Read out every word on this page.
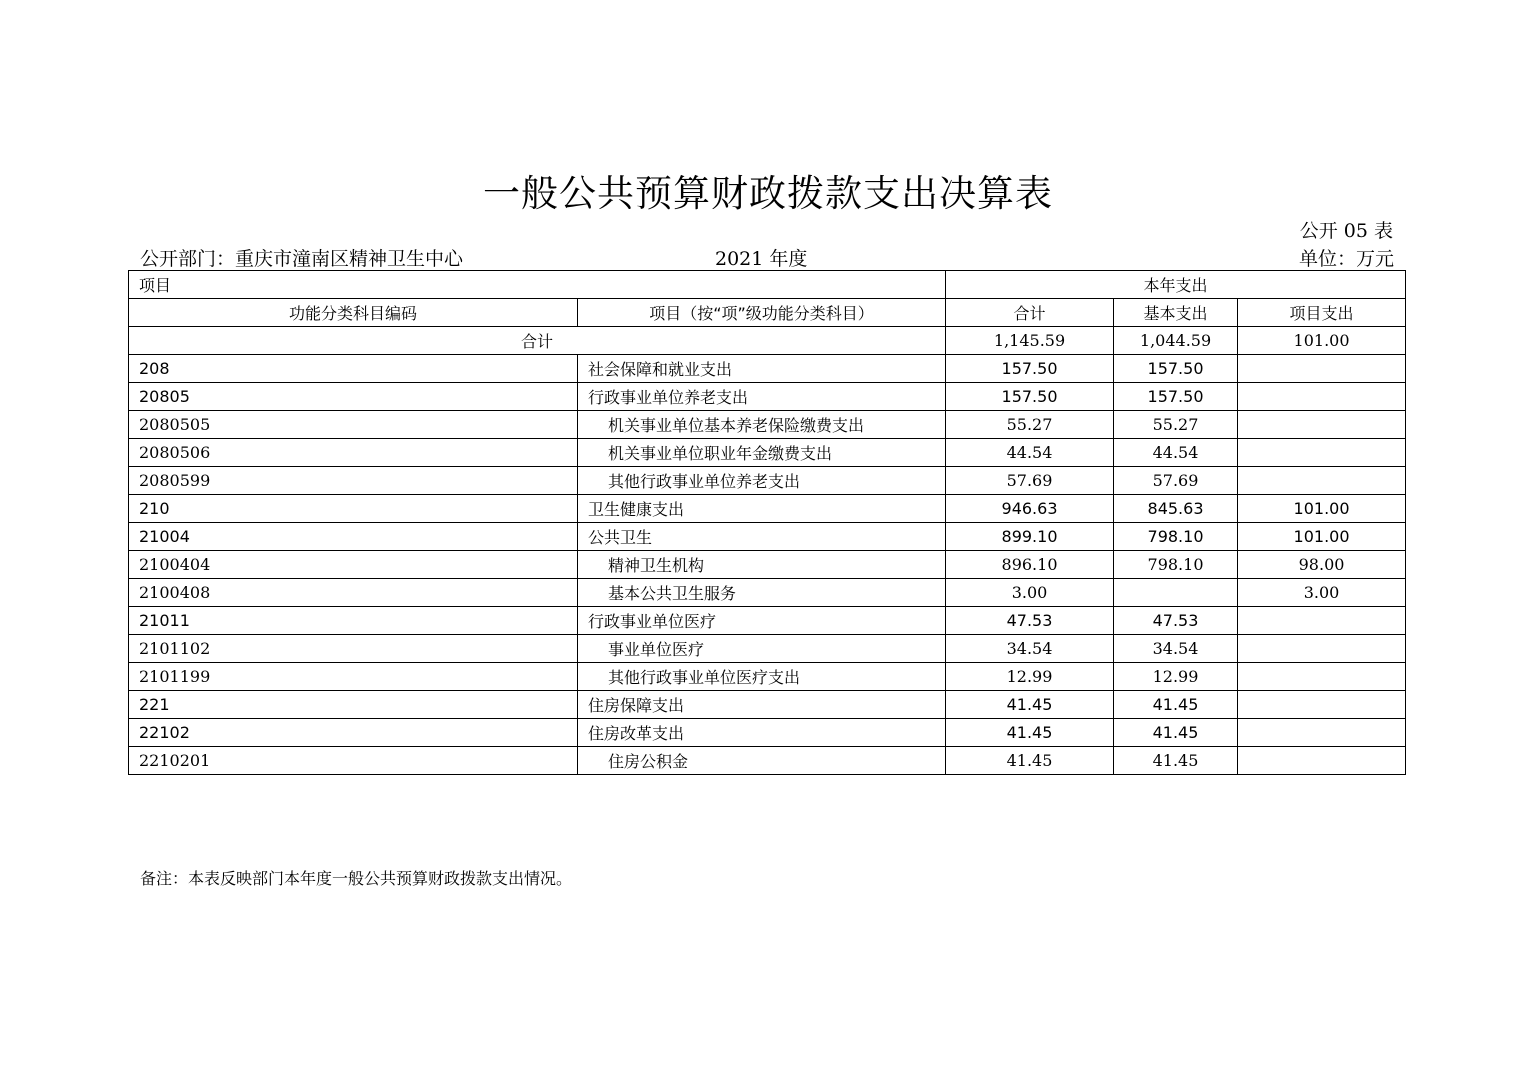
一般公共预算财政拨款支出决算表
公开 05 表
公开部门：重庆市潼南区精神卫生中心	2021 年度	单位：万元
项目		本年支出		
功能分类科目编码	项目（按“项”级功能分类科目）	合计	基本支出	项目支出
合计		1,145.59	1,044.59	101.00
208	社会保障和就业支出	157.50	157.50	
20805	行政事业单位养老支出	157.50	157.50	
2080505	机关事业单位基本养老保险缴费支出	55.27	55.27	
2080506	机关事业单位职业年金缴费支出	44.54	44.54	
2080599	其他行政事业单位养老支出	57.69	57.69	
210	卫生健康支出	946.63	845.63	101.00
21004	公共卫生	899.10	798.10	101.00
2100404	精神卫生机构	896.10	798.10	98.00
2100408	基本公共卫生服务	3.00		3.00
21011	行政事业单位医疗	47.53	47.53	
2101102	事业单位医疗	34.54	34.54	
2101199	其他行政事业单位医疗支出	12.99	12.99	
221	住房保障支出	41.45	41.45	
22102	住房改革支出	41.45	41.45	
2210201	住房公积金	41.45	41.45	
备注：本表反映部门本年度一般公共预算财政拨款支出情况。
